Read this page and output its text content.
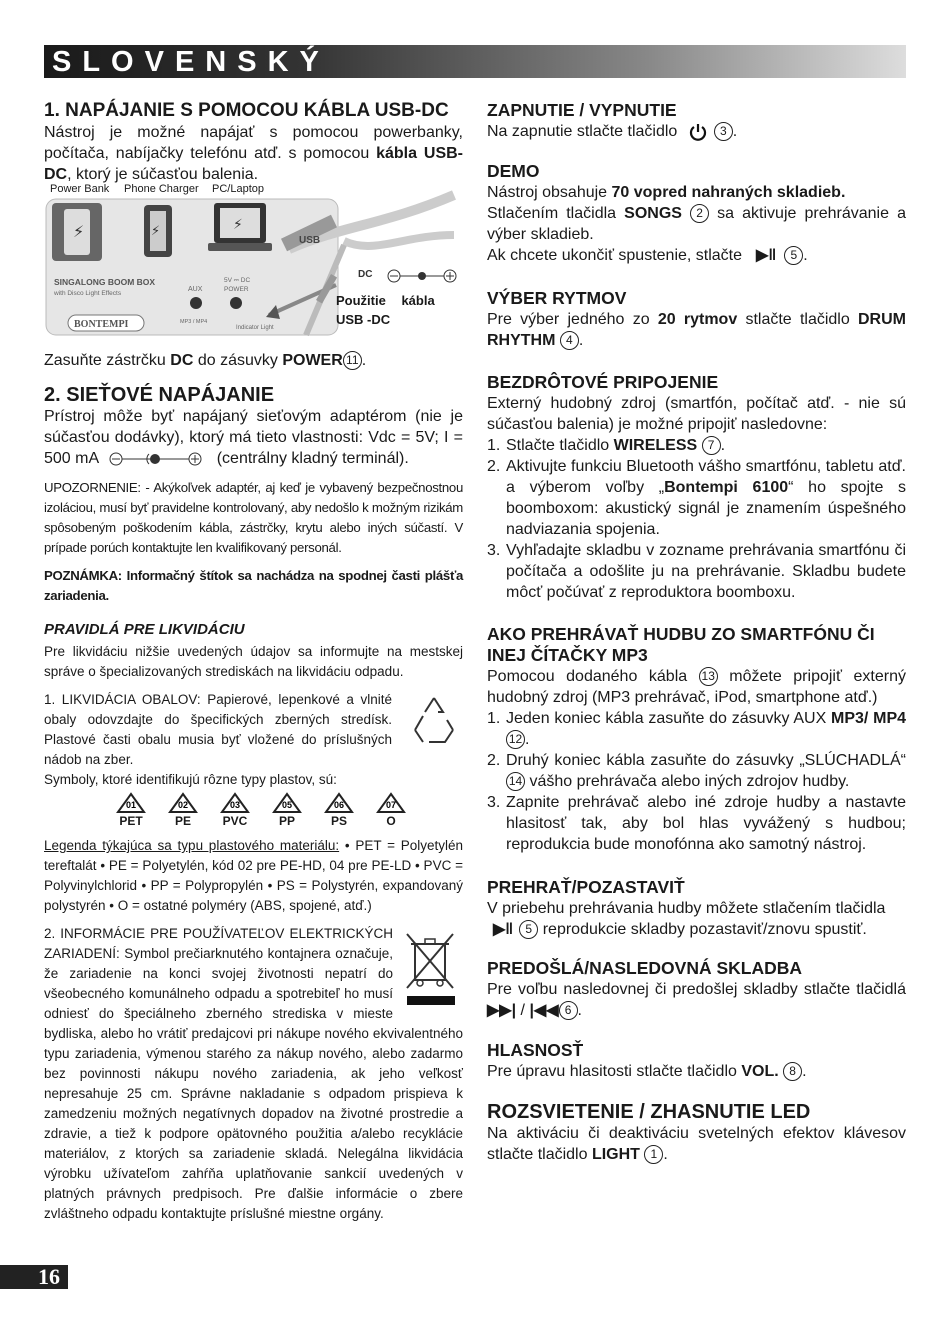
SLOVENSKÝ
1. NAPÁJANIE S POMOCOU KÁBLA USB-DC

Nástroj je možné napájať s pomocou powerbanky, počítača, nabíjačky telefónu atď. s pomocou kábla USB-DC, ktorý je súčasťou balenia.

⚡	⚡	⚡
USB
DC
SINGALONG BOOM BOX
with Disco Light Effects
AUX	POWER
5V ⎓ DC
MP3 / MP4
Indicator Light
BONTEMPI
Power Bank Phone Charger PC/Laptop
Použitie kábla
USB -DC

Zasuňte zástrčku DC do zásuvky POWER 11 .

2. SIEŤOVÉ NAPÁJANIE

Prístroj môže byť napájaný sieťovým adaptérom (nie je súčasťou dodávky), ktorý má tieto vlastnosti: Vdc = 5V; I = 500 mA	(centrálny kladný terminál).

UPOZORNENIE: - Akýkoľvek adaptér, aj keď je vybavený bezpečnostnou izoláciou, musí byť pravidelne kontrolovaný, aby nedošlo k možným rizikám spôsobeným poškodením kábla, zástrčky, krytu alebo iných súčastí. V prípade porúch kontaktujte len kvalifikovaný personál.

POZNÁMKA: Informačný štítok sa nachádza na spodnej časti plášťa zariadenia.

PRAVIDLÁ PRE LIKVIDÁCIU

Pre likvidáciu nižšie uvedených údajov sa informujte na mestskej správe o špecializovaných strediskách na likvidáciu odpadu.

1. LIKVIDÁCIA OBALOV: Papierové, lepenkové a vlnité obaly odovzdajte do špecifických zberných stredísk. Plastové časti obalu musia byť vložené do príslušných nádob na zber.

Symboly, ktoré identifikujú rôzne typy plastov, sú:

01
PET
02
PE
03
PVC
05
PP
06
PS
07
O

Legenda týkajúca sa typu plastového materiálu: • PET = Polyetylén tereftalát • PE = Polyetylén, kód 02 pre PE-HD, 04 pre PE-LD • PVC = Polyvinylchlorid • PP = Polypropylén • PS = Polystyrén, expandovaný polystyrén • O = ostatné polyméry (ABS, spojené, atď.)

2. INFORMÁCIE PRE POUŽÍVATEĽOV ELEKTRICKÝCH ZARIADENÍ: Symbol prečiarknutého kontajnera označuje, že zariadenie na konci svojej životnosti nepatrí do všeobecného komunálneho odpadu a spotrebiteľ ho musí odniesť do špeciálneho zberného strediska v mieste bydliska, alebo ho vrátiť predajcovi pri nákupe nového ekvivalentného typu zariadenia, výmenou starého za nákup nového, alebo zadarmo bez povinnosti nákupu nového zariadenia, ak jeho veľkosť nepresahuje 25 cm. Správne nakladanie s odpadom prispieva k zamedzeniu možných negatívnych dopadov na životné prostredie a zdravie, a tiež k podpore opätovného použitia a/alebo recyklácie materiálov, z ktorých sa zariadenie skladá. Nelegálna likvidácia výrobku užívateľom zahŕňa uplatňovanie sankcií uvedených v platných právnych predpisoch. Pre ďalšie informácie o zbere zvláštneho odpadu kontaktujte príslušné miestne orgány.

ZAPNUTIE / VYPNUTIE

Na zapnutie stlačte tlačidlo	3 .

DEMO

Nástroj obsahuje 70 vopred nahraných skladieb.
Stlačením tlačidla SONGS 2 sa aktivuje prehrávanie a výber skladieb.
Ak chcete ukončiť spustenie, stlačte ▶‖ 5 .

VÝBER RYTMOV

Pre výber jedného zo 20 rytmov stlačte tlačidlo DRUM RHYTHM 4 .

BEZDRÔTOVÉ PRIPOJENIE

Externý hudobný zdroj (smartfón, počítač atď. - nie sú súčasťou balenia) je možné pripojiť nasledovne:

1. Stlačte tlačidlo WIRELESS 7 .
2. Aktivujte funkciu Bluetooth vášho smartfónu, tabletu atď. a výberom voľby „Bontempi 6100“ ho spojte s boomboxom: akustický signál je znamením úspešného nadviazania spojenia.
3. Vyhľadajte skladbu v zozname prehrávania smartfónu či počítača a odošlite ju na prehrávanie. Skladbu budete môcť počúvať z reproduktora boomboxu.
AKO PREHRÁVAŤ HUDBU ZO SMARTFÓNU ČI INEJ ČÍTAČKY MP3

Pomocou dodaného kábla 13 môžete pripojiť externý hudobný zdroj (MP3 prehrávač, iPod, smartphone atď.)

1. Jeden koniec kábla zasuňte do zásuvky AUX MP3/ MP4 12 .
2. Druhý koniec kábla zasuňte do zásuvky „SLÚCHADLÁ“ 14 vášho prehrávača alebo iných zdrojov hudby.
3. Zapnite prehrávač alebo iné zdroje hudby a nastavte hlasitosť tak, aby bol hlas vyvážený s hudbou; reprodukcia bude monofónna ako samotný nástroj.
PREHRAŤ/POZASTAVIŤ

V priebehu prehrávania hudby môžete stlačením tlačidla
▶‖ 5 reprodukcie skladby pozastaviť/znovu spustiť.

PREDOŠLÁ/NASLEDOVNÁ SKLADBA

Pre voľbu nasledovnej či predošlej skladby stlačte tlačidlá ▶▶| / |◀◀ 6 .

HLASNOSŤ

Pre úpravu hlasitosti stlačte tlačidlo VOL. 8 .

ROZSVIETENIE / ZHASNUTIE LED

Na aktiváciu či deaktiváciu svetelných efektov klávesov stlačte tlačidlo LIGHT 1 .

16
